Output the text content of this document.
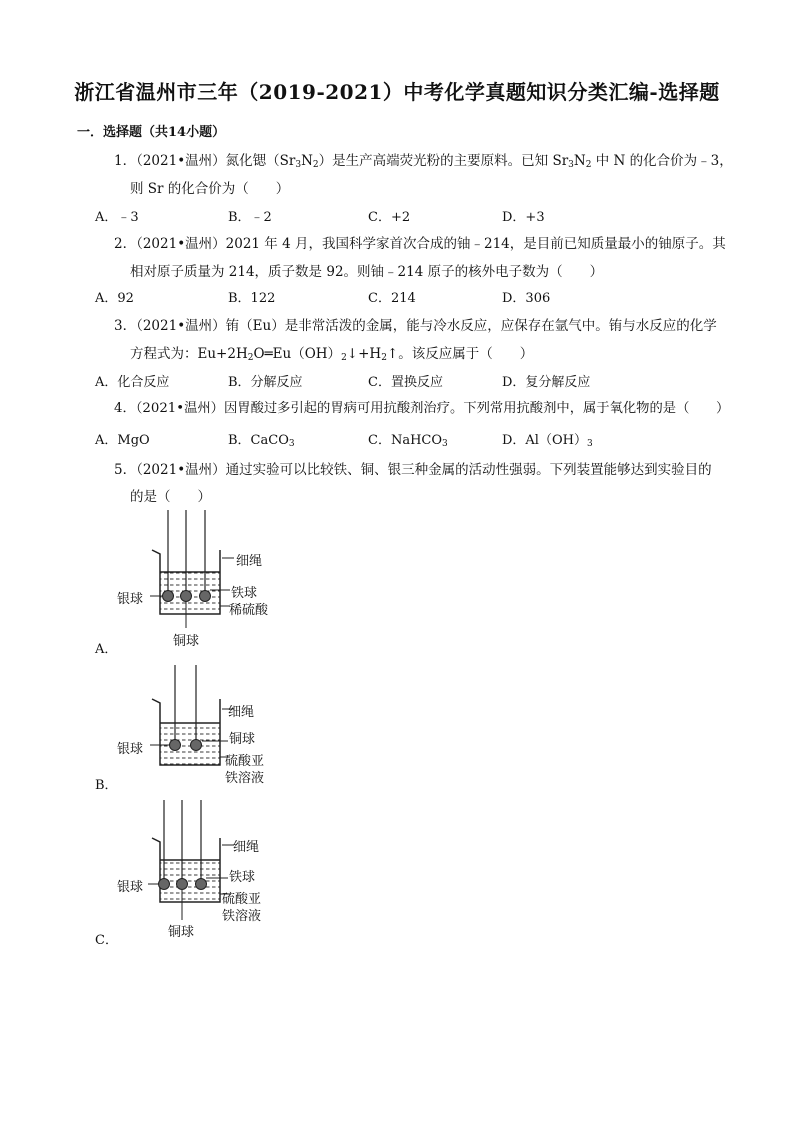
浙江省温州市三年（2019-2021）中考化学真题知识分类汇编-选择题
一．选择题（共14小题）
1．（2021•温州）氮化锶$(Sr_3N_2)$是生产高端荧光粉的主要原料。已知 $Sr_3N_2$ 中 N 的化合价为﹣3，
则 Sr 的化合价为（　　）
A．﹣3	B．﹣2	C．+2	D．+3
2．（2021•温州）2021 年 4 月，我国科学家首次合成的铀﹣214，是目前已知质量最小的铀原子。其
相对原子质量为 214，质子数是 92。则铀﹣214 原子的核外电子数为（　　）
A．92	B．122	C．214	D．306
3．（2021•温州）铕（Eu）是非常活泼的金属，能与冷水反应，应保存在氩气中。铕与水反应的化学
方程式为：$Eu+2H_2O═Eu(OH)_2↓+H_2↑$。该反应属于（　　）
A．化合反应	B．分解反应	C．置换反应	D．复分解反应
4．（2021•温州）因胃酸过多引起的胃病可用抗酸剂治疗。下列常用抗酸剂中，属于氧化物的是（　　）
A．MgO	B．CaCO$_3$	C．NaHCO$_3$	D．$Al(OH)_3$
5．（2021•温州）通过实验可以比较铁、铜、银三种金属的活动性强弱。下列装置能够达到实验目的
的是（　　）
细绳
铁球
银球
稀硫酸
铜球
A．
细绳
铜球
银球
硫酸亚
铁溶液
B．
细绳
铁球
银球
硫酸亚
铁溶液
铜球
C．
